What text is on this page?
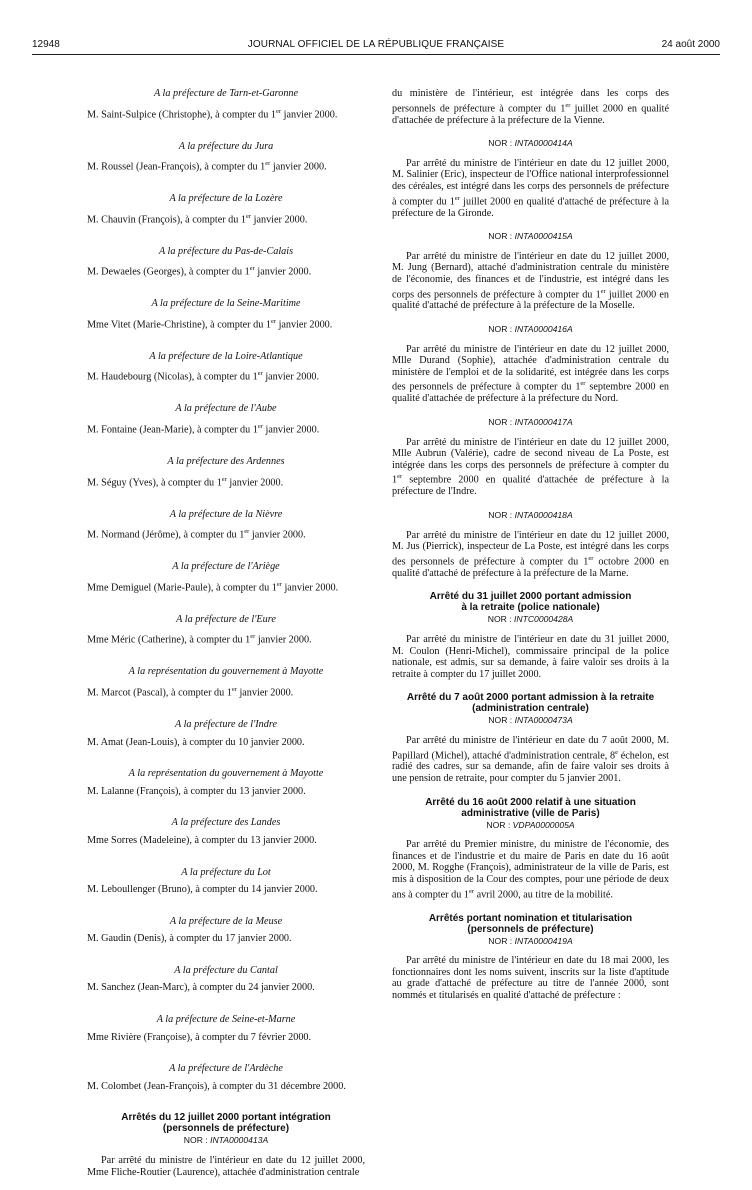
12948	JOURNAL OFFICIEL DE LA RÉPUBLIQUE FRANÇAISE	24 août 2000

A la préfecture de Tarn-et-Garonne

M. Saint-Sulpice (Christophe), à compter du 1er janvier 2000.

A la préfecture du Jura

M. Roussel (Jean-François), à compter du 1er janvier 2000.

A la préfecture de la Lozère

M. Chauvin (François), à compter du 1er janvier 2000.

A la préfecture du Pas-de-Calais

M. Dewaeles (Georges), à compter du 1er janvier 2000.

A la préfecture de la Seine-Maritime

Mme Vitet (Marie-Christine), à compter du 1er janvier 2000.

A la préfecture de la Loire-Atlantique

M. Haudebourg (Nicolas), à compter du 1er janvier 2000.

A la préfecture de l'Aube

M. Fontaine (Jean-Marie), à compter du 1er janvier 2000.

A la préfecture des Ardennes

M. Séguy (Yves), à compter du 1er janvier 2000.

A la préfecture de la Nièvre

M. Normand (Jérôme), à compter du 1er janvier 2000.

A la préfecture de l'Ariège

Mme Demiguel (Marie-Paule), à compter du 1er janvier 2000.

A la préfecture de l'Eure

Mme Méric (Catherine), à compter du 1er janvier 2000.

A la représentation du gouvernement à Mayotte

M. Marcot (Pascal), à compter du 1er janvier 2000.

A la préfecture de l'Indre

M. Amat (Jean-Louis), à compter du 10 janvier 2000.

A la représentation du gouvernement à Mayotte

M. Lalanne (François), à compter du 13 janvier 2000.

A la préfecture des Landes

Mme Sorres (Madeleine), à compter du 13 janvier 2000.

A la préfecture du Lot

M. Leboullenger (Bruno), à compter du 14 janvier 2000.

A la préfecture de la Meuse

M. Gaudin (Denis), à compter du 17 janvier 2000.

A la préfecture du Cantal

M. Sanchez (Jean-Marc), à compter du 24 janvier 2000.

A la préfecture de Seine-et-Marne

Mme Rivière (Françoise), à compter du 7 février 2000.

A la préfecture de l'Ardèche

M. Colombet (Jean-François), à compter du 31 décembre 2000.

Arrêtés du 12 juillet 2000 portant intégration
(personnels de préfecture)

NOR : INTA0000413A

Par arrêté du ministre de l'intérieur en date du 12 juillet 2000, Mme Fliche-Routier (Laurence), attachée d'administration centrale

du ministère de l'intérieur, est intégrée dans les corps des personnels de préfecture à compter du 1er juillet 2000 en qualité d'attachée de préfecture à la préfecture de la Vienne.

NOR : INTA0000414A

Par arrêté du ministre de l'intérieur en date du 12 juillet 2000, M. Salinier (Eric), inspecteur de l'Office national interprofessionnel des céréales, est intégré dans les corps des personnels de préfecture à compter du 1er juillet 2000 en qualité d'attaché de préfecture à la préfecture de la Gironde.

NOR : INTA0000415A

Par arrêté du ministre de l'intérieur en date du 12 juillet 2000, M. Jung (Bernard), attaché d'administration centrale du ministère de l'économie, des finances et de l'industrie, est intégré dans les corps des personnels de préfecture à compter du 1er juillet 2000 en qualité d'attaché de préfecture à la préfecture de la Moselle.

NOR : INTA0000416A

Par arrêté du ministre de l'intérieur en date du 12 juillet 2000, Mlle Durand (Sophie), attachée d'administration centrale du ministère de l'emploi et de la solidarité, est intégrée dans les corps des personnels de préfecture à compter du 1er septembre 2000 en qualité d'attachée de préfecture à la préfecture du Nord.

NOR : INTA0000417A

Par arrêté du ministre de l'intérieur en date du 12 juillet 2000, Mlle Aubrun (Valérie), cadre de second niveau de La Poste, est intégrée dans les corps des personnels de préfecture à compter du 1er septembre 2000 en qualité d'attachée de préfecture à la préfecture de l'Indre.

NOR : INTA0000418A

Par arrêté du ministre de l'intérieur en date du 12 juillet 2000, M. Jus (Pierrick), inspecteur de La Poste, est intégré dans les corps des personnels de préfecture à compter du 1er octobre 2000 en qualité d'attaché de préfecture à la préfecture de la Marne.

Arrêté du 31 juillet 2000 portant admission
à la retraite (police nationale)

NOR : INTC0000428A

Par arrêté du ministre de l'intérieur en date du 31 juillet 2000, M. Coulon (Henri-Michel), commissaire principal de la police nationale, est admis, sur sa demande, à faire valoir ses droits à la retraite à compter du 17 juillet 2000.

Arrêté du 7 août 2000 portant admission à la retraite
(administration centrale)

NOR : INTA0000473A

Par arrêté du ministre de l'intérieur en date du 7 août 2000, M. Papillard (Michel), attaché d'administration centrale, 8e échelon, est radié des cadres, sur sa demande, afin de faire valoir ses droits à une pension de retraite, pour compter du 5 janvier 2001.

Arrêté du 16 août 2000 relatif à une situation
administrative (ville de Paris)

NOR : VDPA0000005A

Par arrêté du Premier ministre, du ministre de l'économie, des finances et de l'industrie et du maire de Paris en date du 16 août 2000, M. Rogghe (François), administrateur de la ville de Paris, est mis à disposition de la Cour des comptes, pour une période de deux ans à compter du 1er avril 2000, au titre de la mobilité.

Arrêtés portant nomination et titularisation
(personnels de préfecture)

NOR : INTA0000419A

Par arrêté du ministre de l'intérieur en date du 18 mai 2000, les fonctionnaires dont les noms suivent, inscrits sur la liste d'aptitude au grade d'attaché de préfecture au titre de l'année 2000, sont nommés et titularisés en qualité d'attaché de préfecture :
